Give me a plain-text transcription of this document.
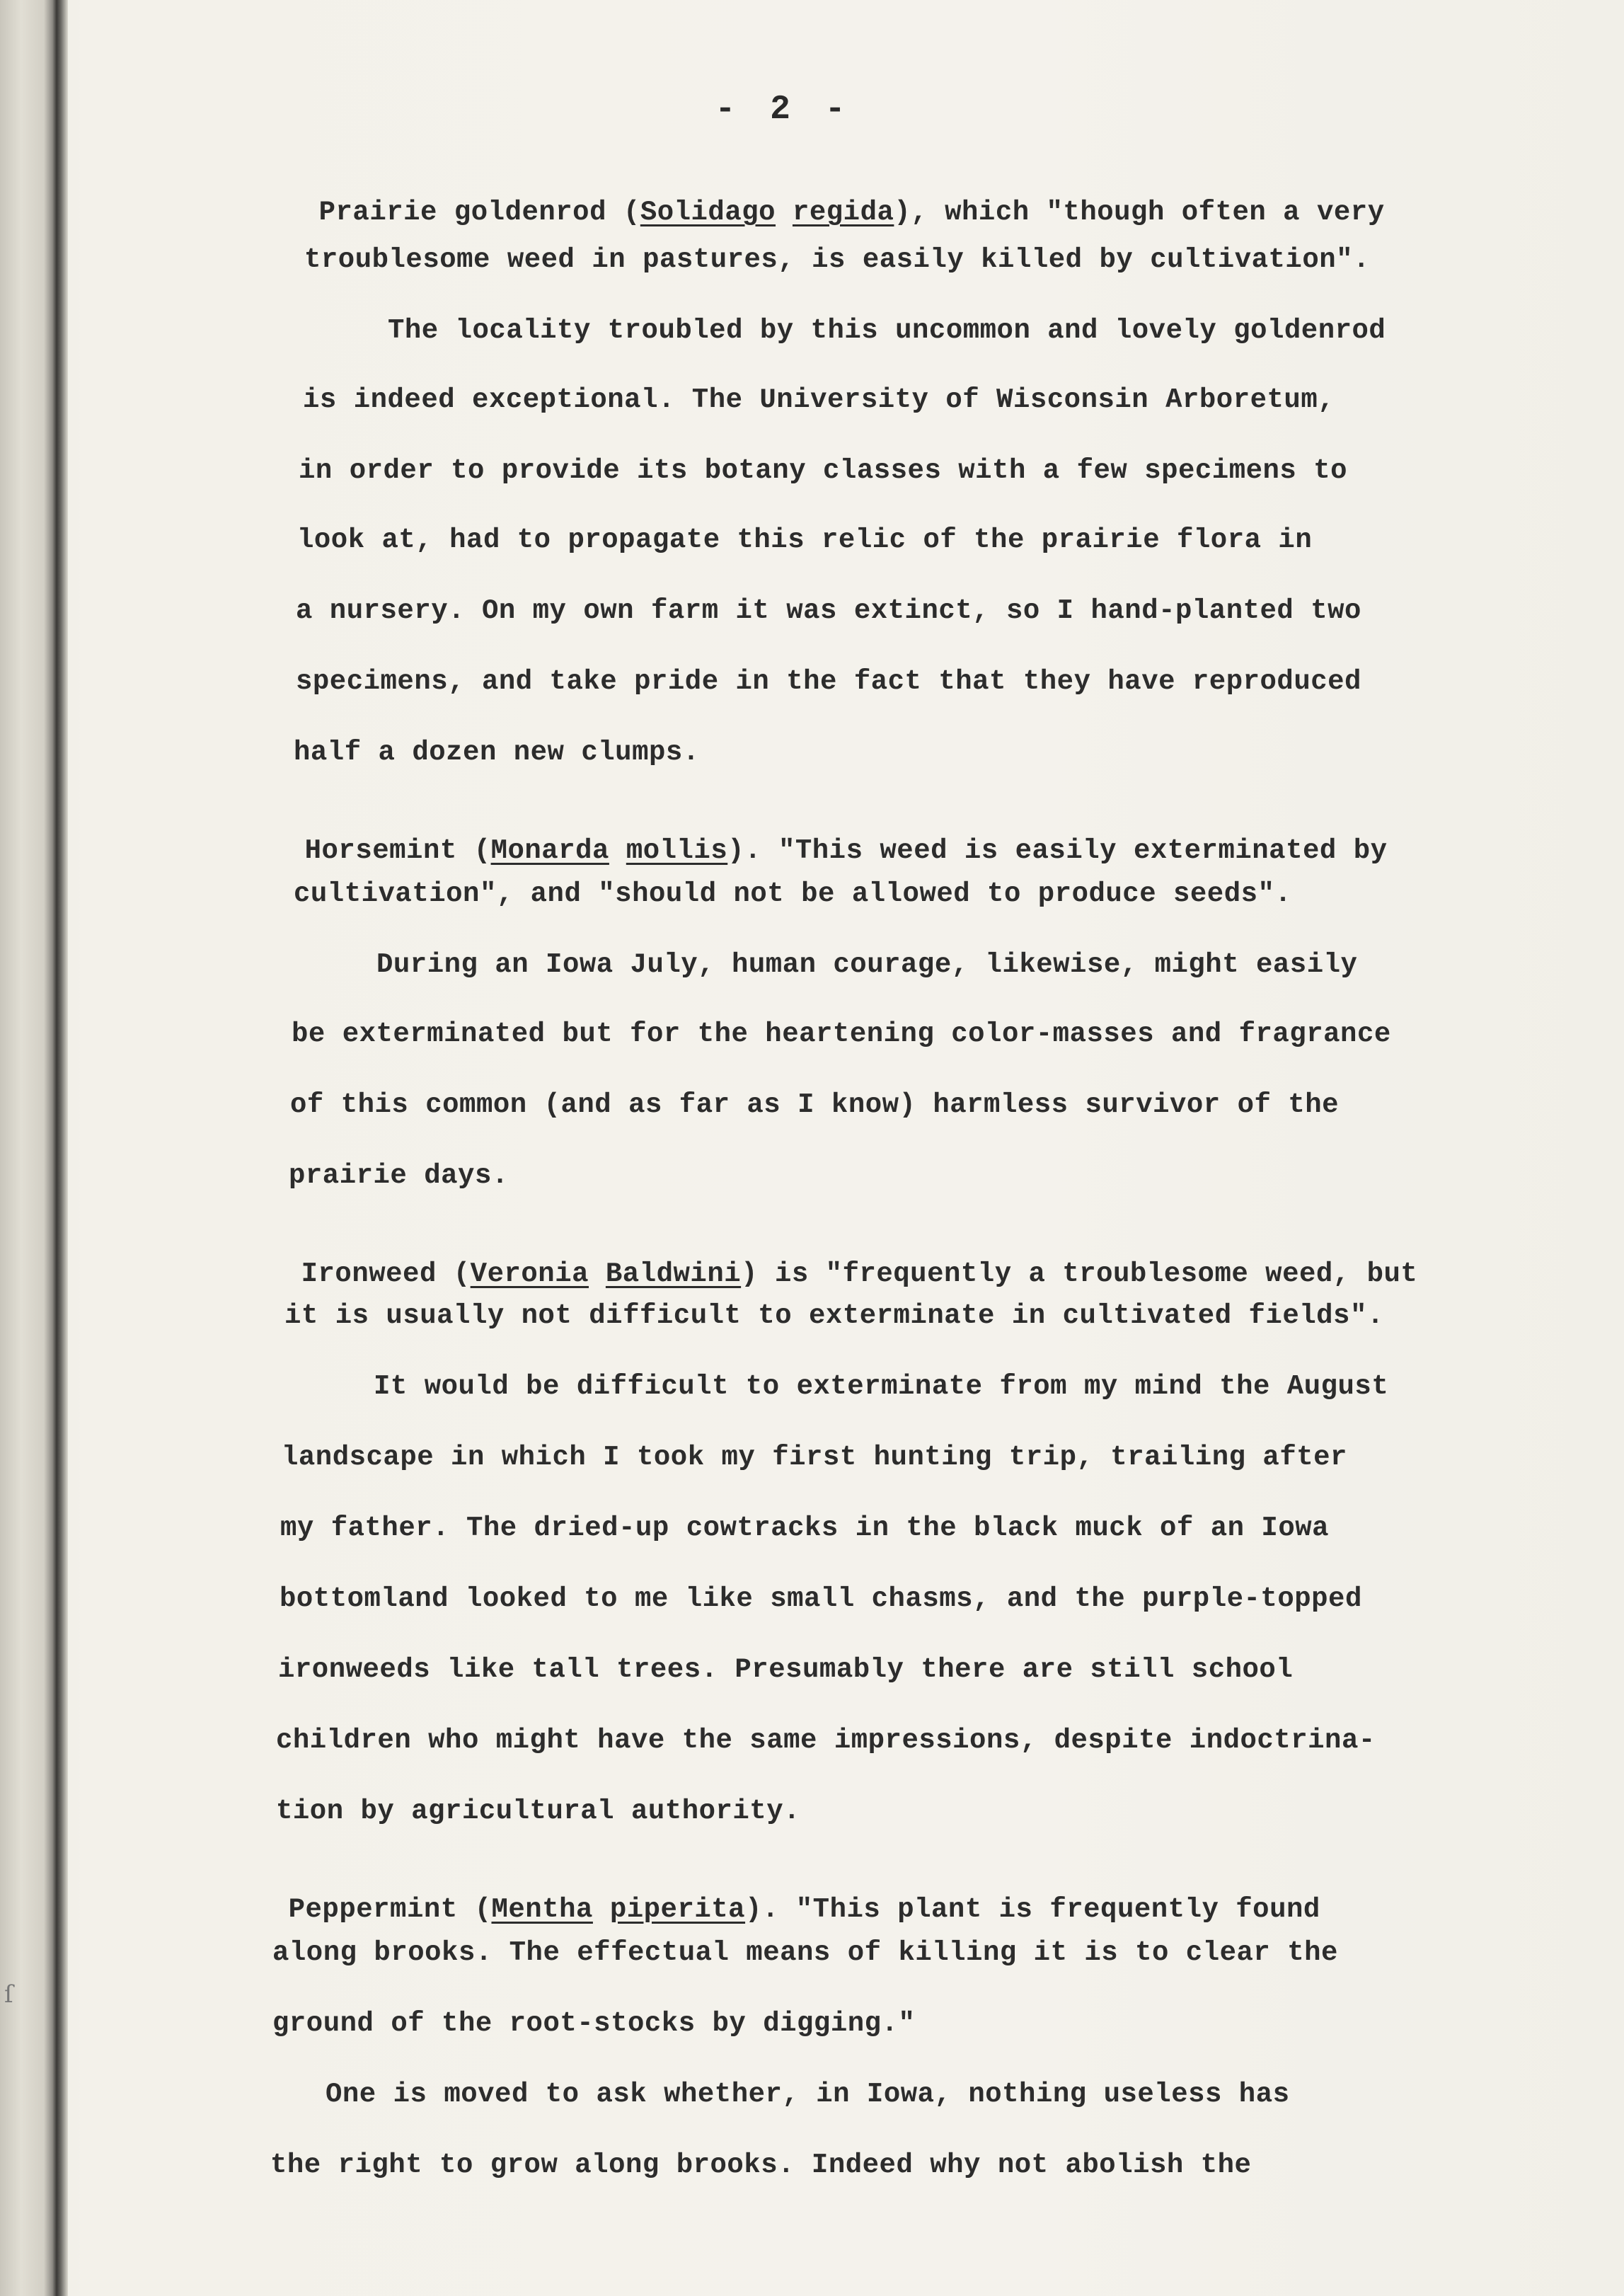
- 2 -

Prairie goldenrod (Solidago regida), which "though often a very

troublesome weed in pastures, is easily killed by cultivation".
The locality troubled by this uncommon and lovely goldenrod
is indeed exceptional. The University of Wisconsin Arboretum,
in order to provide its botany classes with a few specimens to
look at, had to propagate this relic of the prairie flora in
a nursery. On my own farm it was extinct, so I hand-planted two
specimens, and take pride in the fact that they have reproduced
half a dozen new clumps.

Horsemint (Monarda mollis). "This weed is easily exterminated by

cultivation", and "should not be allowed to produce seeds".
During an Iowa July, human courage, likewise, might easily
be exterminated but for the heartening color-masses and fragrance
of this common (and as far as I know) harmless survivor of the
prairie days.

Ironweed (Veronia Baldwini) is "frequently a troublesome weed, but

it is usually not difficult to exterminate in cultivated fields".
It would be difficult to exterminate from my mind the August
landscape in which I took my first hunting trip, trailing after
my father. The dried-up cowtracks in the black muck of an Iowa
bottomland looked to me like small chasms, and the purple-topped
ironweeds like tall trees. Presumably there are still school
children who might have the same impressions, despite indoctrina-
tion by agricultural authority.

Peppermint (Mentha piperita). "This plant is frequently found

along brooks. The effectual means of killing it is to clear the
ground of the root-stocks by digging."
One is moved to ask whether, in Iowa, nothing useless has
the right to grow along brooks. Indeed why not abolish the
ſ
